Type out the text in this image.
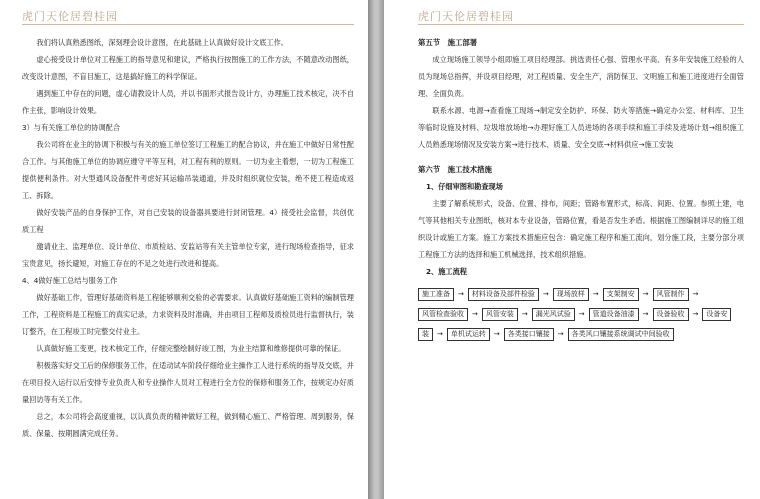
虎门天伦居碧桂园

我们将认真熟悉图纸，深刻理会设计意图，在此基础上认真做好设计文底工作。

虚心接受设计单位对工程施工的指导意见和建议，严格执行按图施工的工作方法，不随意改动图纸，改变设计意图，不盲目施工，这是搞好施工的科学保证。

遇到施工中存在的问题，虚心请教设计人员，并以书面形式报告设计方，办理施工技术核定，决不自作主张，影响设计效果。

3）与有关施工单位的协调配合

我公司将在业主的协调下积极与有关的施工单位签订工程施工的配合协议，并在施工中做好日常性配合工作。与其他施工单位的协调应遵守平等互利，对工程有利的原则。一切为业主着想，一切为工程施工提供便利条件。对大型通风设备配件考虑好其运输吊装通道，并及时组织就位安装，绝不使工程造成返工、拆除。

做好安装产品的自身保护工作，对自己安装的设备器具要进行封闭管理。4）接受社会监督，共创优质工程

邀请业主、监理单位、设计单位、市质检站、安监站等有关主管单位专家，进行现场检查指导，征求宝贵意见，扬长避短，对施工存在的不足之处进行改进和提高。

4、4做好施工总结与服务工作

做好基础工作，管理好基础资料是工程能够顺利交验的必需要求。认真做好基础施工资料的编制管理工作，工程资料是工程施工的真实记录，力求资料及时准确，并由项目工程师及质检员进行监督执行，装订整齐，在工程竣工时完整交付业主。

认真做好施工变更，技术核定工作，仔细完整绘制好竣工图，为业主结算和维修提供可靠的保证。

积极落实好交工后的保修服务工作，在适动试车阶段仔细给业主操作工人进行系统的指导及交底，并在项目投入运行以后安排专业负责人和专业操作人员对工程进行全方位的保修和服务工作，按规定办好质量回访等有关工作。

总之，本公司将会高度重视，以认真负责的精神做好工程，做到精心施工、严格管理、周到服务，保质、保量、按期圆满完成任务。

虎门天伦居碧桂园

第五节　施工部署

成立现场施工领导小组即施工项目经理部。挑选责任心强、管理水平高、有多年安装施工经验的人员为现场总指挥，并设项目经理，对工程质量、安全生产，消防保卫、文明施工和施工进度进行全面管理、全面负责。

联系水源、电源→查看施工现场→制定安全防护、环保、防火等措施→确定办公室、材料库、卫生等临时设施及材料、垃圾堆放场地→办理好施工人员进场的各项手续和施工手续及进场计划→组织施工人员熟悉现场情况及安装方案→进行技术、质量、安全交底→材料供应→施工安装

第六节　施工技术措施

1、仔细审图和勘查现场

主要了解系统形式，设备、位置、排布，间距；管路布置形式，标高、间距、位置。参照土建，电气等其他相关专业图纸，核对本专业设备，管路位置，看是否发生矛盾。根据施工图编制详尽的施工组织设计或施工方案。施工方案技术措施应包含：确定施工程序和施工流向，划分施工段，主要分部分项工程施工方法的选择和施工机械选择，技术组织措施。

2、施工流程

施工准备 → 材料设备及部件检验 → 现场放样 → 支架制安 → 风管制作 →
风管检查验收 → 风管安装 → 漏光风试验 → 管道设备油漆 → 设备验收 → 设备安
装 → 单机试运转 → 各类接口镶接 → 各类风口镶接系统调试中间验收
